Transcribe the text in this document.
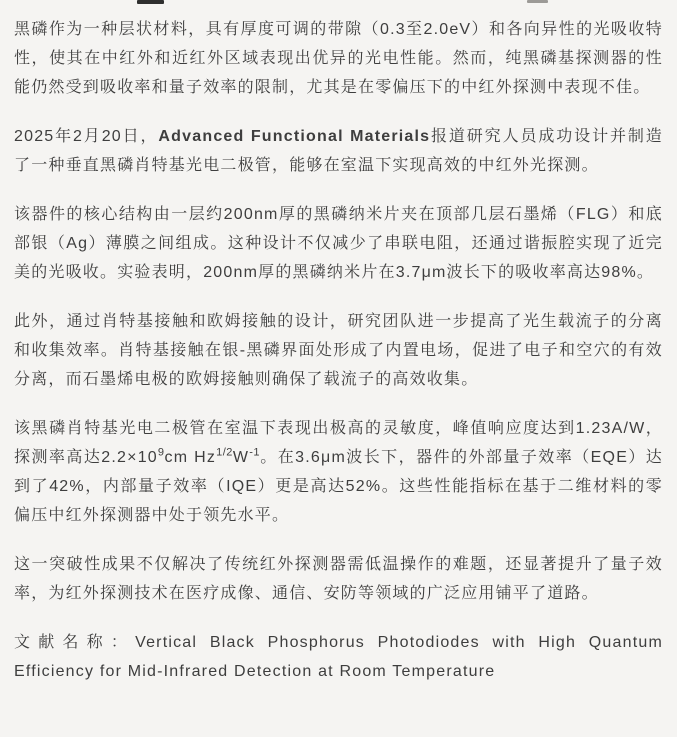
黑磷作为一种层状材料，具有厚度可调的带隙（0.3至2.0eV）和各向异性的光吸收特性，使其在中红外和近红外区域表现出优异的光电性能。然而，纯黑磷基探测器的性能仍然受到吸收率和量子效率的限制，尤其是在零偏压下的中红外探测中表现不佳。

2025年2月20日，Advanced Functional Materials报道研究人员成功设计并制造了一种垂直黑磷肖特基光电二极管，能够在室温下实现高效的中红外光探测。

该器件的核心结构由一层约200nm厚的黑磷纳米片夹在顶部几层石墨烯（FLG）和底部银（Ag）薄膜之间组成。这种设计不仅减少了串联电阻，还通过谐振腔实现了近完美的光吸收。实验表明，200nm厚的黑磷纳米片在3.7μm波长下的吸收率高达98%。

此外，通过肖特基接触和欧姆接触的设计，研究团队进一步提高了光生载流子的分离和收集效率。肖特基接触在银-黑磷界面处形成了内置电场，促进了电子和空穴的有效分离，而石墨烯电极的欧姆接触则确保了载流子的高效收集。

该黑磷肖特基光电二极管在室温下表现出极高的灵敏度，峰值响应度达到1.23A/W，探测率高达$2.2\times 10^9cm$ $Hz^{1/2}W^{-1}$。在3.6μm波长下，器件的外部量子效率（EQE）达到了42%，内部量子效率（IQE）更是高达52%。这些性能指标在基于二维材料的零偏压中红外探测器中处于领先水平。

这一突破性成果不仅解决了传统红外探测器需低温操作的难题，还显著提升了量子效率，为红外探测技术在医疗成像、通信、安防等领域的广泛应用铺平了道路。

文献名称：Vertical Black Phosphorus Photodiodes with High Quantum Efficiency for Mid-Infrared Detection at Room Temperature
